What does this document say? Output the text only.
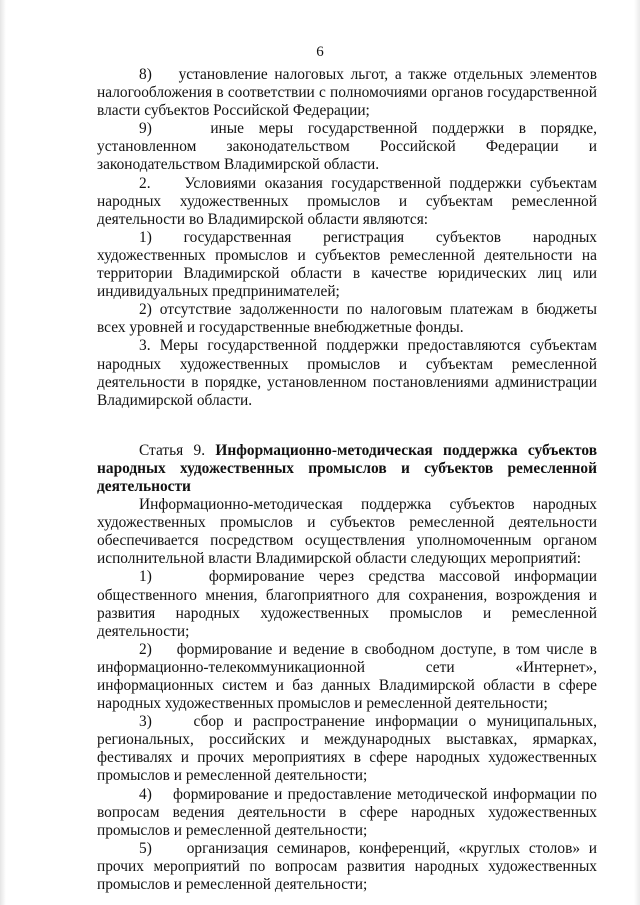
6

8)    установление налоговых льгот, а также отдельных элементов налогообложения в соответствии с полномочиями органов государственной власти субъектов Российской Федерации;

9)    иные меры государственной поддержки в порядке, установленном законодательством Российской Федерации и законодательством Владимирской области.

2.    Условиями оказания государственной поддержки субъектам народных художественных промыслов и субъектам ремесленной деятельности во Владимирской области являются:

1) государственная регистрация субъектов народных художественных промыслов и субъектов ремесленной деятельности на территории Владимирской области в качестве юридических лиц или индивидуальных предпринимателей;

2) отсутствие задолженности по налоговым платежам в бюджеты всех уровней и государственные внебюджетные фонды.

3. Меры государственной поддержки предоставляются субъектам народных художественных промыслов и субъектам ремесленной деятельности в порядке, установленном постановлениями администрации Владимирской области.

Статья 9. Информационно-методическая поддержка субъектов народных художественных промыслов и субъектов ремесленной деятельности

Информационно-методическая поддержка субъектов народных художественных промыслов и субъектов ремесленной деятельности обеспечивается посредством осуществления уполномоченным органом исполнительной власти Владимирской области следующих мероприятий:

1)    формирование через средства массовой информации общественного мнения, благоприятного для сохранения, возрождения и развития народных художественных промыслов и ремесленной деятельности;

2)    формирование и ведение в свободном доступе, в том числе в информационно-телекоммуникационной сети «Интернет», информационных систем и баз данных Владимирской области в сфере народных художественных промыслов и ремесленной деятельности;

3)    сбор и распространение информации о муниципальных, региональных, российских и международных выставках, ярмарках, фестивалях и прочих мероприятиях в сфере народных художественных промыслов и ремесленной деятельности;

4)    формирование и предоставление методической информации по вопросам ведения деятельности в сфере народных художественных промыслов и ремесленной деятельности;

5)    организация семинаров, конференций, «круглых столов» и прочих мероприятий по вопросам развития народных художественных промыслов и ремесленной деятельности;
